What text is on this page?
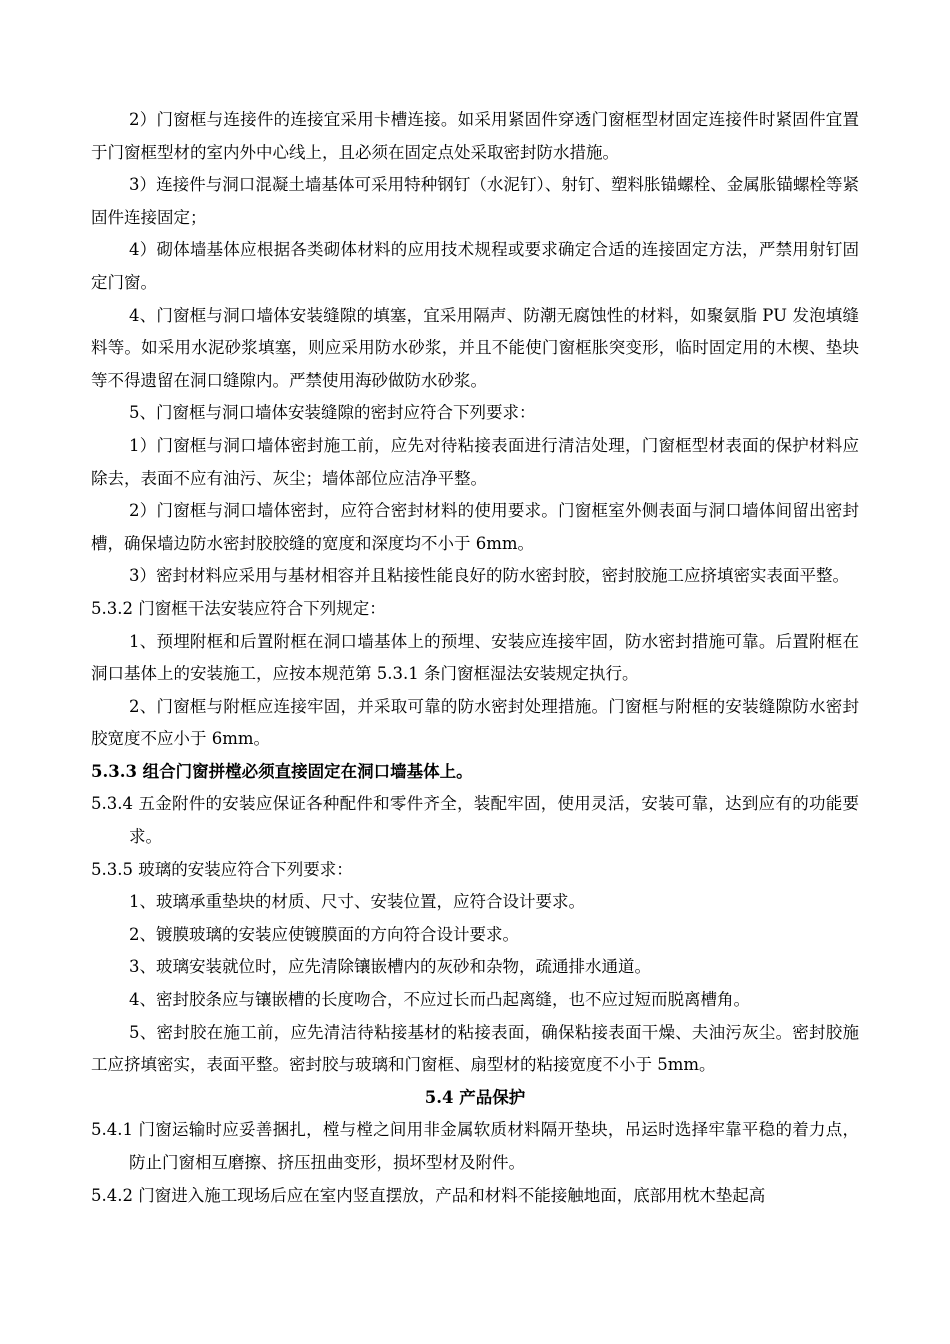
2）门窗框与连接件的连接宜采用卡槽连接。如采用紧固件穿透门窗框型材固定连接件时紧固件宜置于门窗框型材的室内外中心线上，且必须在固定点处采取密封防水措施。

3）连接件与洞口混凝土墙基体可采用特种钢钉（水泥钉）、射钉、塑料胀锚螺栓、金属胀锚螺栓等紧固件连接固定；

4）砌体墙基体应根据各类砌体材料的应用技术规程或要求确定合适的连接固定方法，严禁用射钉固定门窗。

4、门窗框与洞口墙体安装缝隙的填塞，宜采用隔声、防潮无腐蚀性的材料，如聚氨脂 PU 发泡填缝料等。如采用水泥砂浆填塞，则应采用防水砂浆，并且不能使门窗框胀突变形，临时固定用的木楔、垫块等不得遗留在洞口缝隙内。严禁使用海砂做防水砂浆。

5、门窗框与洞口墙体安装缝隙的密封应符合下列要求：

1）门窗框与洞口墙体密封施工前，应先对待粘接表面进行清洁处理，门窗框型材表面的保护材料应除去，表面不应有油污、灰尘；墙体部位应洁净平整。

2）门窗框与洞口墙体密封，应符合密封材料的使用要求。门窗框室外侧表面与洞口墙体间留出密封槽，确保墙边防水密封胶胶缝的宽度和深度均不小于 6mm。

3）密封材料应采用与基材相容并且粘接性能良好的防水密封胶，密封胶施工应挤填密实表面平整。

5.3.2 门窗框干法安装应符合下列规定：

1、预埋附框和后置附框在洞口墙基体上的预埋、安装应连接牢固，防水密封措施可靠。后置附框在洞口基体上的安装施工，应按本规范第 5.3.1 条门窗框湿法安装规定执行。

2、门窗框与附框应连接牢固，并采取可靠的防水密封处理措施。门窗框与附框的安装缝隙防水密封胶宽度不应小于 6mm。

5.3.3 组合门窗拼樘必须直接固定在洞口墙基体上。

5.3.4 五金附件的安装应保证各种配件和零件齐全，装配牢固，使用灵活，安装可靠，达到应有的功能要求。

5.3.5 玻璃的安装应符合下列要求：

1、玻璃承重垫块的材质、尺寸、安装位置，应符合设计要求。

2、镀膜玻璃的安装应使镀膜面的方向符合设计要求。

3、玻璃安装就位时，应先清除镶嵌槽内的灰砂和杂物，疏通排水通道。

4、密封胶条应与镶嵌槽的长度吻合，不应过长而凸起离缝，也不应过短而脱离槽角。

5、密封胶在施工前，应先清洁待粘接基材的粘接表面，确保粘接表面干燥、夫油污灰尘。密封胶施工应挤填密实，表面平整。密封胶与玻璃和门窗框、扇型材的粘接宽度不小于 5mm。

5.4 产品保护

5.4.1 门窗运输时应妥善捆扎，樘与樘之间用非金属软质材料隔开垫块，吊运时选择牢靠平稳的着力点，防止门窗相互磨擦、挤压扭曲变形，损坏型材及附件。

5.4.2 门窗进入施工现场后应在室内竖直摆放，产品和材料不能接触地面，底部用枕木垫起高
